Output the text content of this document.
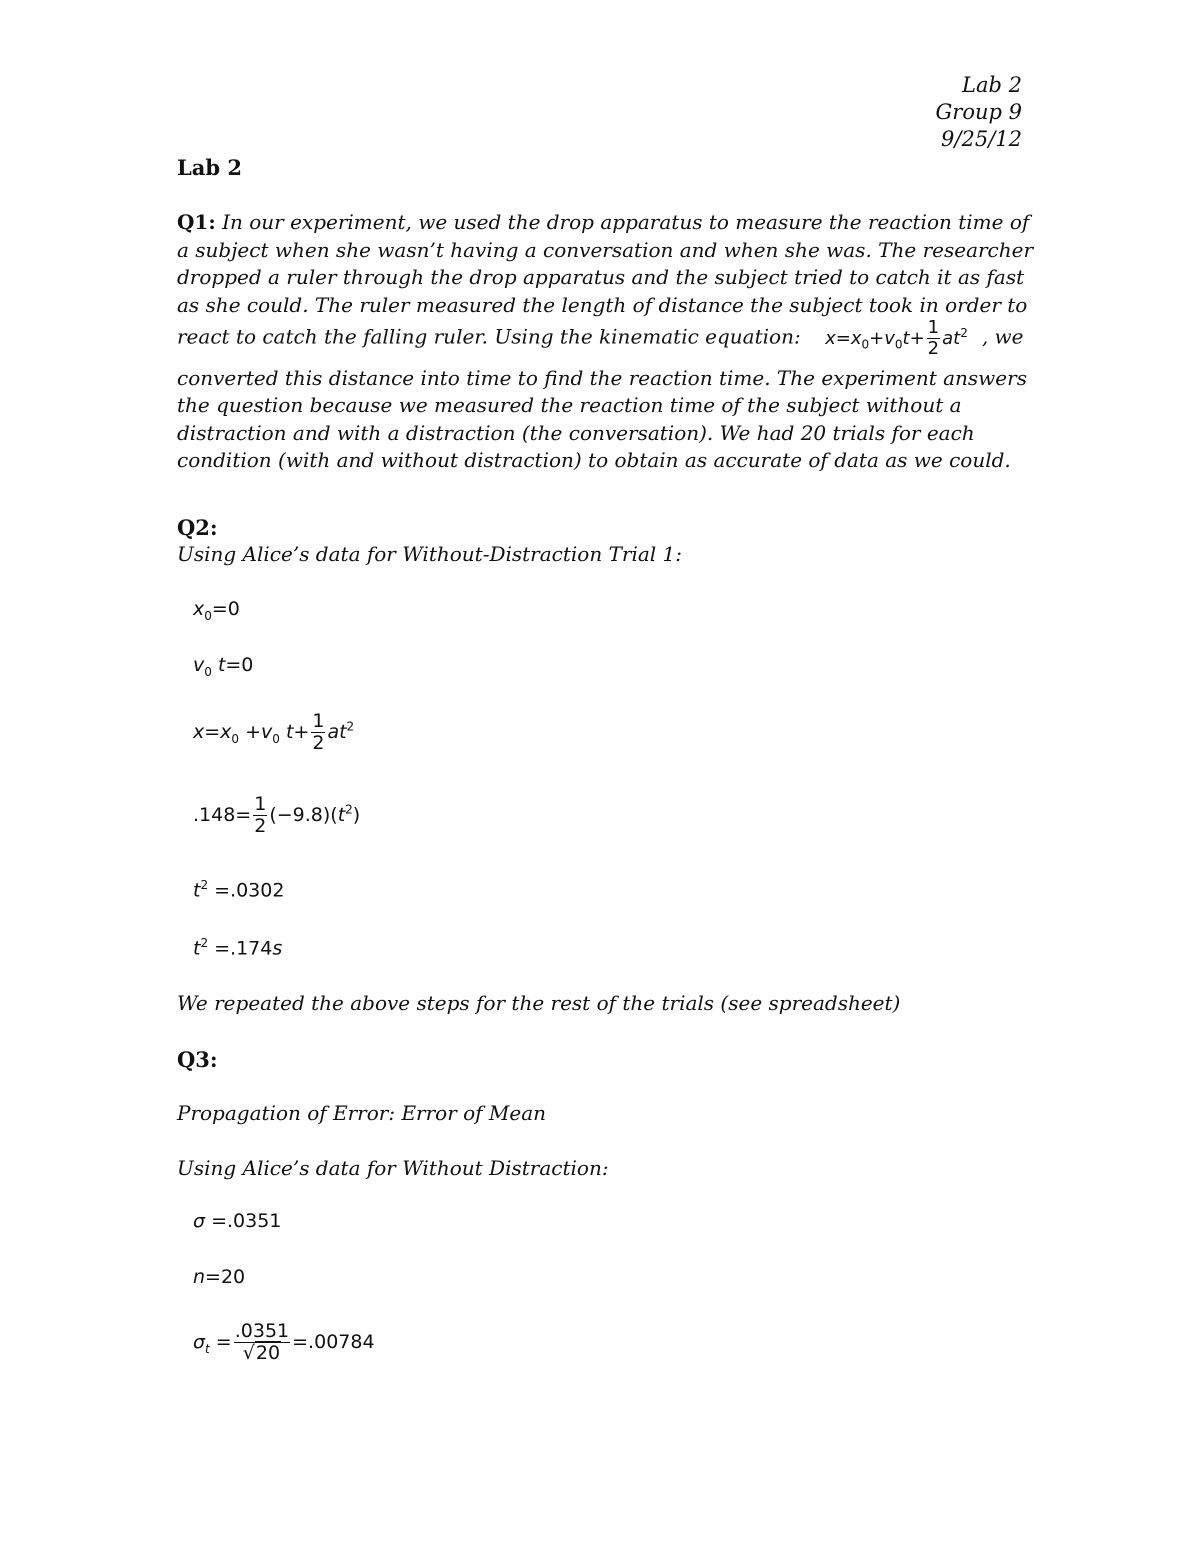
Lab 2
Group 9
9/25/12
Lab 2
Q1: In our experiment, we used the drop apparatus to measure the reaction time of a subject when she wasn’t having a conversation and when she was. The researcher dropped a ruler through the drop apparatus and the subject tried to catch it as fast as she could. The ruler measured the length of distance the subject took in order to react to catch the falling ruler. Using the kinematic equation: $x=x_0+v_0t+ \frac{1}{2} at^2$ , we
converted this distance into time to find the reaction time. The experiment answers the question because we measured the reaction time of the subject without a distraction and with a distraction (the conversation). We had 20 trials for each condition (with and without distraction) to obtain as accurate of data as we could.
Q2:
Using Alice’s data for Without-Distraction Trial 1:
$x_0=0$
$v_0$ t=0
$x=x_0 +v_0$ $t+ \frac{1}{2} at^2$
$.148= \frac{1}{2} (-9.8)(t^2)$
$t^2 =.0302$
$t^2 =.174s$
We repeated the above steps for the rest of the trials (see spreadsheet)
Q3:
Propagation of Error: Error of Mean
Using Alice’s data for Without Distraction:
σ =.0351
n=20
$\sigma_t = \frac{.0351}{√20} =.00784$
